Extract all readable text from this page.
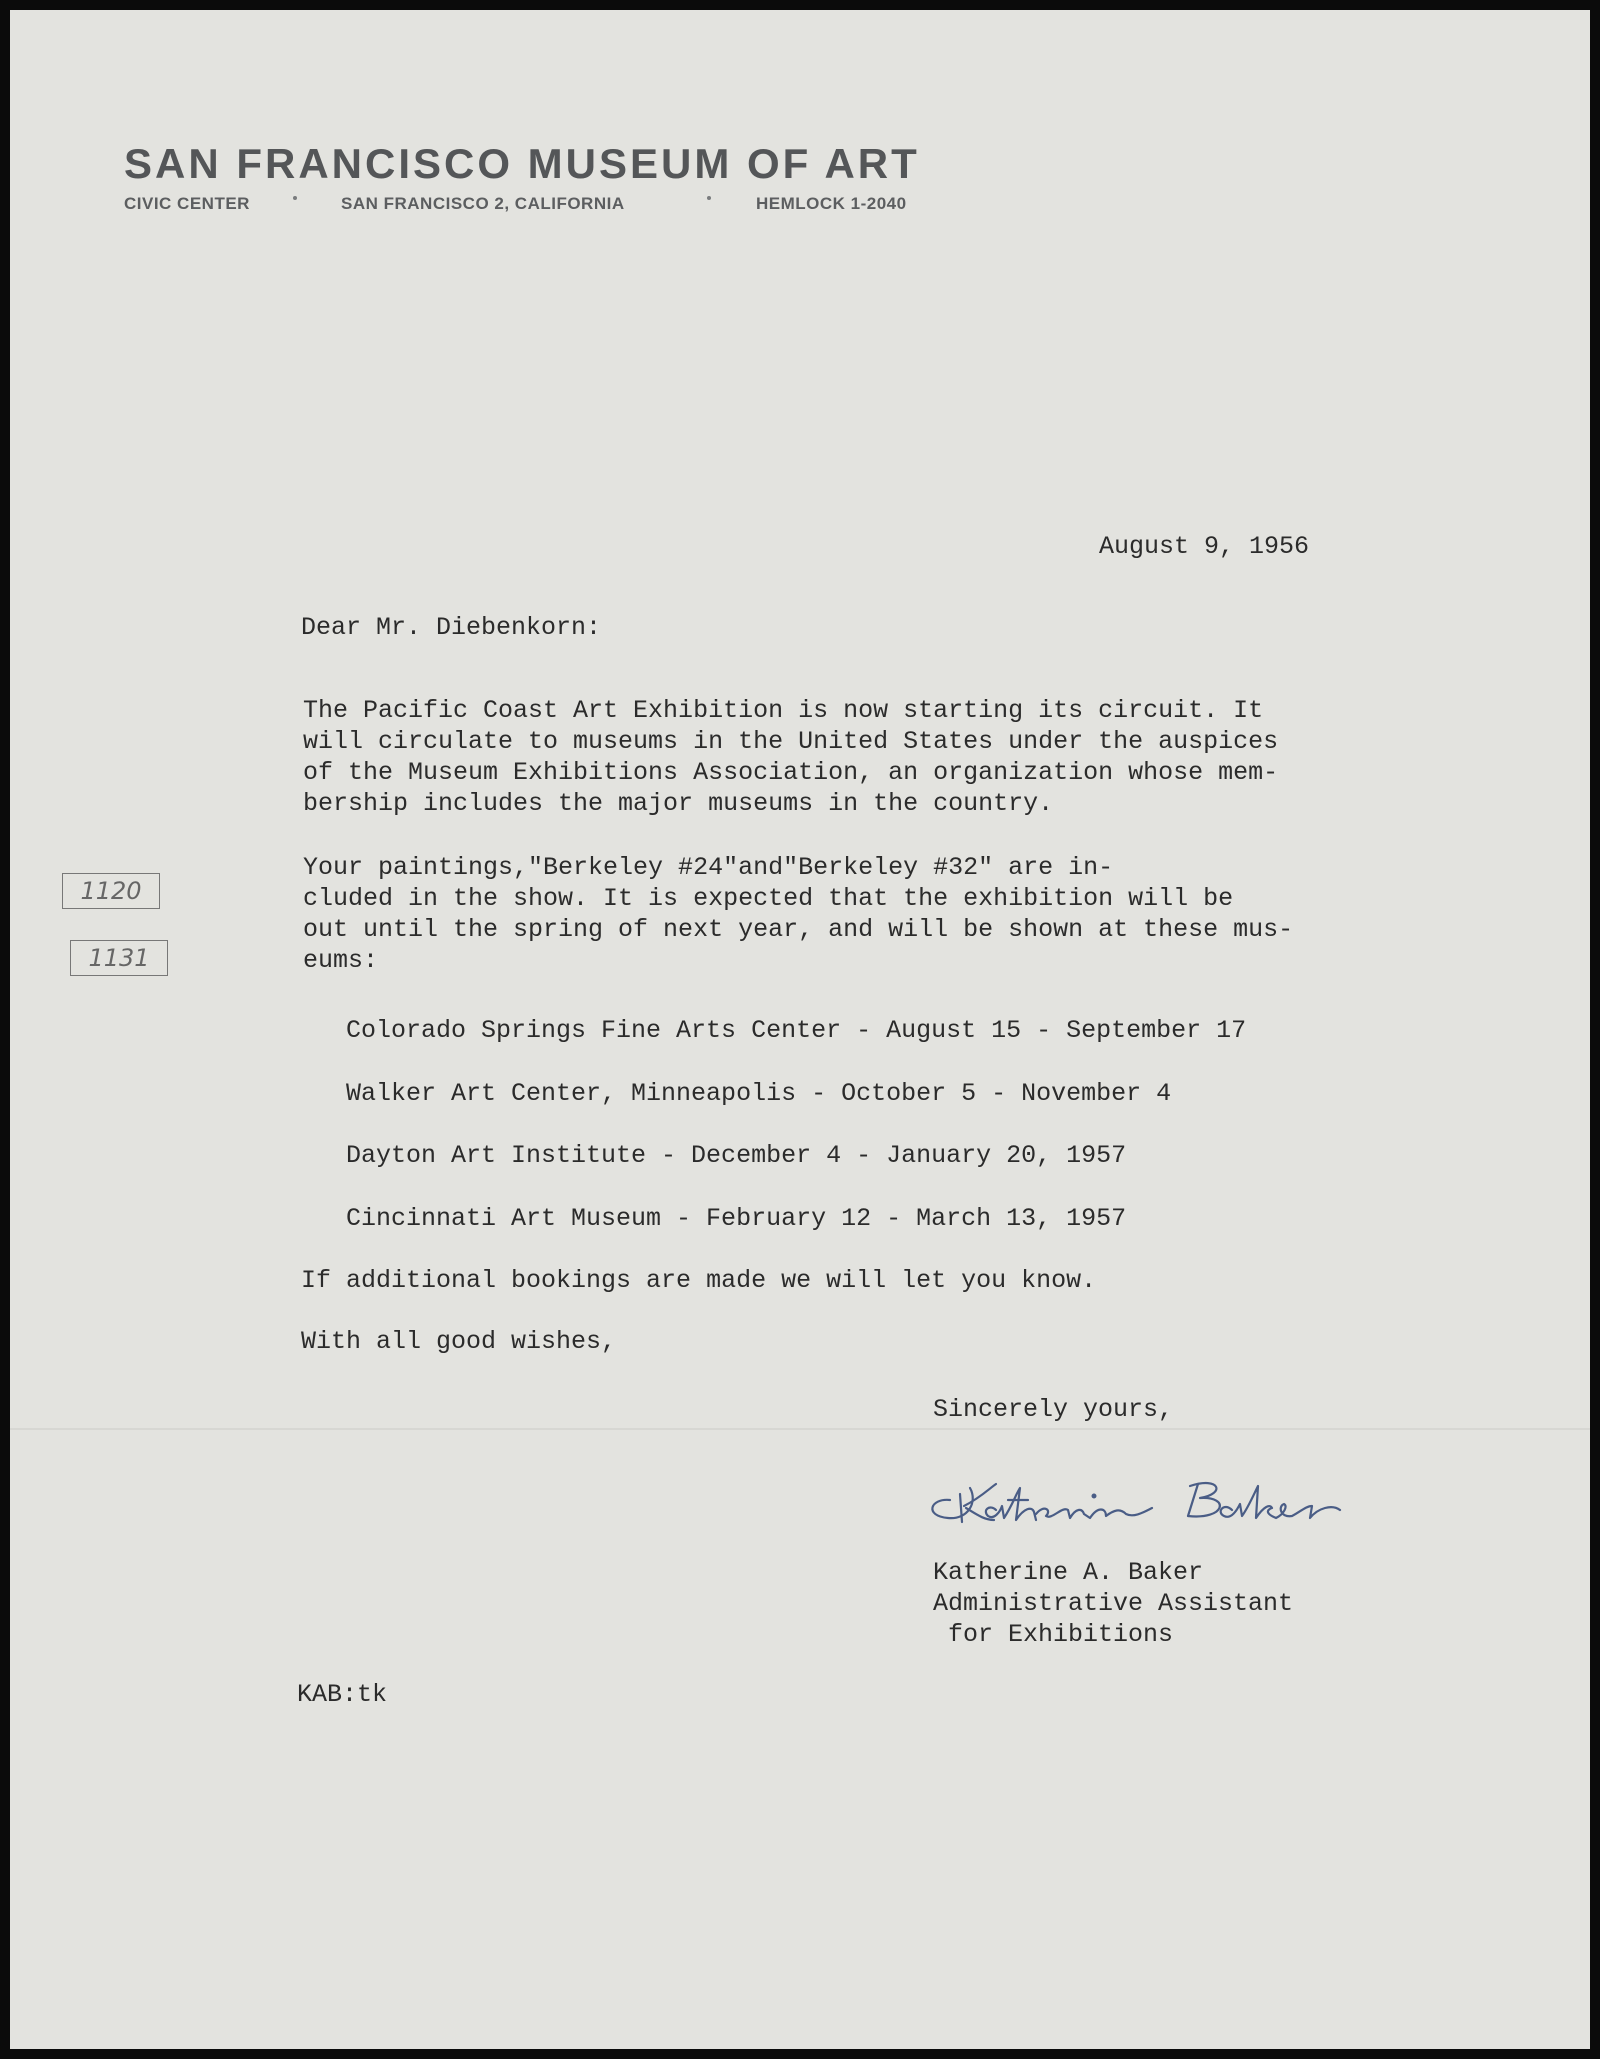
SAN FRANCISCO MUSEUM OF ART
CIVIC CENTER	SAN FRANCISCO 2, CALIFORNIA	HEMLOCK 1-2040
August 9, 1956
Dear Mr. Diebenkorn:
The Pacific Coast Art Exhibition is now starting its circuit. It
will circulate to museums in the United States under the auspices
of the Museum Exhibitions Association, an organization whose mem-
bership includes the major museums in the country.
Your paintings,"Berkeley #24"and"Berkeley #32" are in-
cluded in the show. It is expected that the exhibition will be
out until the spring of next year, and will be shown at these mus-
eums:
1120
1131
Colorado Springs Fine Arts Center - August 15 - September 17
Walker Art Center, Minneapolis - October 5 - November 4
Dayton Art Institute - December 4 - January 20, 1957
Cincinnati Art Museum - February 12 - March 13, 1957
If additional bookings are made we will let you know.
With all good wishes,
Sincerely yours,
Katherine A. Baker
Administrative Assistant
for Exhibitions
KAB:tk
